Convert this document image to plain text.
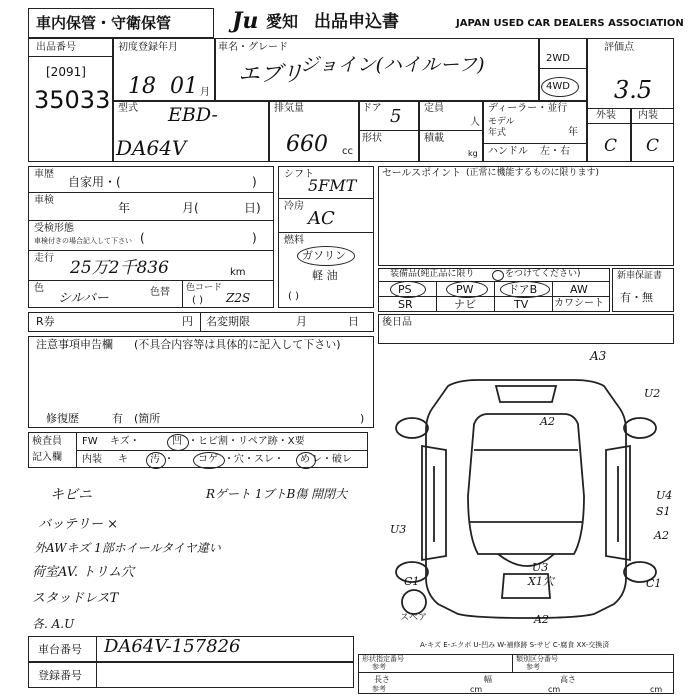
車内保管・守衛保管	Ju 愛知 出品申込書	JAPAN USED CAR DEALERS ASSOCIATION
出品番号
[2091]
35033
初度登録年月
18 01 月
車名・グレード
エブリ
ジョイン(ハイルーフ)	2WD
4WD
評価点
3.5
外装 内装
C C
型式 EBD-
DA64V
排気量
660 cc
ドア 5
形状
定員
人
積載
kg
ディーラー・並行
モデル
年式	年
ハンドル 左・右
車歴
自家用・(	)
車検
年	月(	日)
受検形態
車検付きの場合記入して下さい (	)
走行 25万2千836	km
色
シルバー	色替 色コード
Z2S
( )
シフト
5FMT
冷房
AC
燃料
ガソリン
軽 油
( )
セールスポイント (正常に機能するものに限ります)
装備品(純正品に限り	をつけてください)
PS	PW	ドアB	AW
SR	ナビ	TV	カワシート
新車保証書
有・無
R券	円 名変期限	月	日 後日品
注意事項申告欄 (不具合内容等は具体的に記入して下さい)
修復歴	有 (箇所	)
検査員
記入欄
FW キズ・	凹 ・ヒビ割・リペア跡・X要
内装 キ 汚 ・ コゲ ・穴・スレ・ め レ・破レ
キビニ	Rゲート 1ブトB傷 開閉大
バッテリー ×
外AWキズ 1部ホイールタイヤ違い
荷室AV. トリム穴
スタッドレスT
各. A.U
A3
U2
A2
U4
S1
A2
U3
C1	C1
U3
X1穴
A2
スペア
A-キズ E-エクボ U-凹み W-補修跡 S-サビ C-腐食 XX-交換済
車台番号 DA64V-157826
登録番号
形状指定番号
参考
類別区分番号
参考
長さ	幅	高さ
cm	cm	cm
参考
